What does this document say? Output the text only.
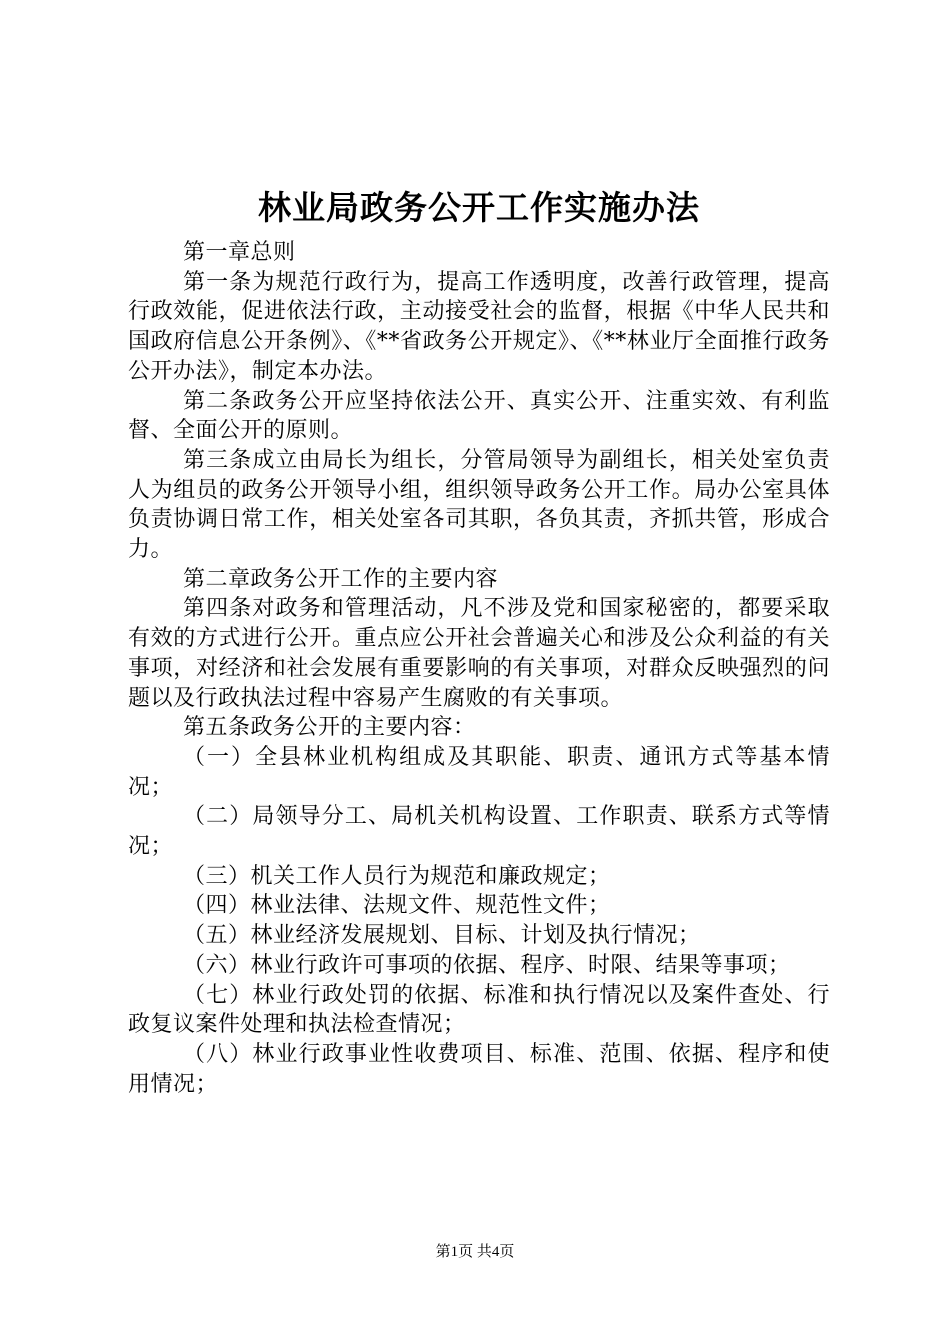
林业局政务公开工作实施办法

第一章总则

第一条为规范行政行为，提高工作透明度，改善行政管理，提高行政效能，促进依法行政，主动接受社会的监督，根据《中华人民共和国政府信息公开条例》、《**省政务公开规定》、《**林业厅全面推行政务公开办法》，制定本办法。

第二条政务公开应坚持依法公开、真实公开、注重实效、有利监督、全面公开的原则。

第三条成立由局长为组长，分管局领导为副组长，相关处室负责人为组员的政务公开领导小组，组织领导政务公开工作。局办公室具体负责协调日常工作，相关处室各司其职，各负其责，齐抓共管，形成合力。

第二章政务公开工作的主要内容

第四条对政务和管理活动，凡不涉及党和国家秘密的，都要采取有效的方式进行公开。重点应公开社会普遍关心和涉及公众利益的有关事项，对经济和社会发展有重要影响的有关事项，对群众反映强烈的问题以及行政执法过程中容易产生腐败的有关事项。

第五条政务公开的主要内容：

（一）全县林业机构组成及其职能、职责、通讯方式等基本情况；

（二）局领导分工、局机关机构设置、工作职责、联系方式等情况；

（三）机关工作人员行为规范和廉政规定；

（四）林业法律、法规文件、规范性文件；

（五）林业经济发展规划、目标、计划及执行情况；

（六）林业行政许可事项的依据、程序、时限、结果等事项；

（七）林业行政处罚的依据、标准和执行情况以及案件查处、行政复议案件处理和执法检查情况；

（八）林业行政事业性收费项目、标准、范围、依据、程序和使用情况；

第1页 共4页
